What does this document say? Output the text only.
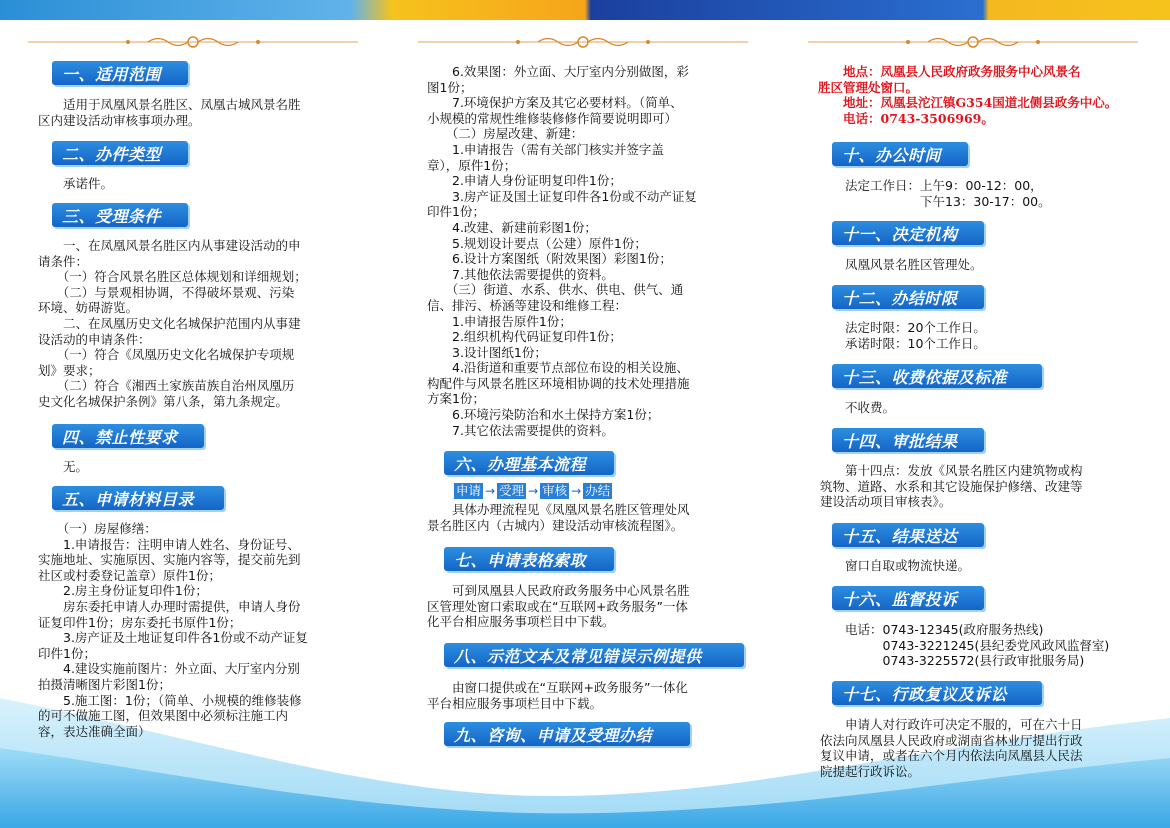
一、适用范围
　　适用于凤凰风景名胜区、凤凰古城风景名胜
区内建设活动审核事项办理。
二、办件类型
　　承诺件。
三、受理条件
　　一、在凤凰风景名胜区内从事建设活动的申
请条件：
　　（一）符合风景名胜区总体规划和详细规划；
　　（二）与景观相协调，不得破坏景观、污染
环境、妨碍游览。
　　二、在凤凰历史文化名城保护范围内从事建
设活动的申请条件：
　　（一）符合《凤凰历史文化名城保护专项规
划》要求；
　　（二）符合《湘西土家族苗族自治州凤凰历
史文化名城保护条例》第八条，第九条规定。
四、禁止性要求
　　无。
五、申请材料目录
　　（一）房屋修缮：
　　1.申请报告：注明申请人姓名、身份证号、
实施地址、实施原因、实施内容等，提交前先到
社区或村委登记盖章）原件1份；
　　2.房主身份证复印件1份；
　　房东委托申请人办理时需提供，申请人身份
证复印件1份；房东委托书原件1份；
　　3.房产证及土地证复印件各1份或不动产证复
印件1份；
　　4.建设实施前图片：外立面、大厅室内分别
拍摄清晰图片彩图1份；
　　5.施工图：1份；（简单、小规模的维修装修
的可不做施工图，但效果图中必须标注施工内
容，表达准确全面）
　　6.效果图：外立面、大厅室内分别做图，彩
图1份；
　　7.环境保护方案及其它必要材料。（简单、
小规模的常规性维修装修修作简要说明即可）
　　（二）房屋改建、新建：
　　1.申请报告（需有关部门核实并签字盖
章），原件1份；
　　2.申请人身份证明复印件1份；
　　3.房产证及国土证复印件各1份或不动产证复
印件1份；
　　4.改建、新建前彩图1份；
　　5.规划设计要点（公建）原件1份；
　　6.设计方案图纸（附效果图）彩图1份；
　　7.其他依法需要提供的资料。
　　（三）街道、水系、供水、供电、供气、通
信、排污、桥涵等建设和维修工程：
　　1.申请报告原件1份；
　　2.组织机构代码证复印件1份；
　　3.设计图纸1份；
　　4.沿街道和重要节点部位布设的相关设施、
构配件与风景名胜区环境相协调的技术处理措施
方案1份；
　　6.环境污染防治和水土保持方案1份；
　　7.其它依法需要提供的资料。
六、办理基本流程
申请 → 受理 → 审核 → 办结
　　具体办理流程见《凤凰风景名胜区管理处风
景名胜区内（古城内）建设活动审核流程图》。
七、申请表格索取
　　可到凤凰县人民政府政务服务中心风景名胜
区管理处窗口索取或在“互联网+政务服务”一体
化平台相应服务事项栏目中下载。
八、示范文本及常见错误示例提供
　　由窗口提供或在“互联网+政务服务”一体化
平台相应服务事项栏目中下载。
九、咨询、申请及受理办结
　　地点：凤凰县人民政府政务服务中心风景名
胜区管理处窗口。
　　地址：凤凰县沱江镇G354国道北侧县政务中心。
　　电话：0743-3506969。
十、办公时间
　　法定工作日：上午9：00-12：00，
　　　　　　　　下午13：30-17：00。
十一、决定机构
　　凤凰风景名胜区管理处。
十二、办结时限
　　法定时限：20个工作日。
　　承诺时限：10个工作日。
十三、收费依据及标准
　　不收费。
十四、审批结果
　　第十四点：发放《风景名胜区内建筑物或构
筑物、道路、水系和其它设施保护修缮、改建等
建设活动项目审核表》。
十五、结果送达
　　窗口自取或物流快递。
十六、监督投诉
　　电话：0743-12345(政府服务热线)
　　　　　0743-3221245(县纪委党风政风监督室)
　　　　　0743-3225572(县行政审批服务局)
十七、行政复议及诉讼
　　申请人对行政许可决定不服的，可在六十日
依法向凤凰县人民政府或湖南省林业厅提出行政
复议申请，或者在六个月内依法向凤凰县人民法
院提起行政诉讼。
